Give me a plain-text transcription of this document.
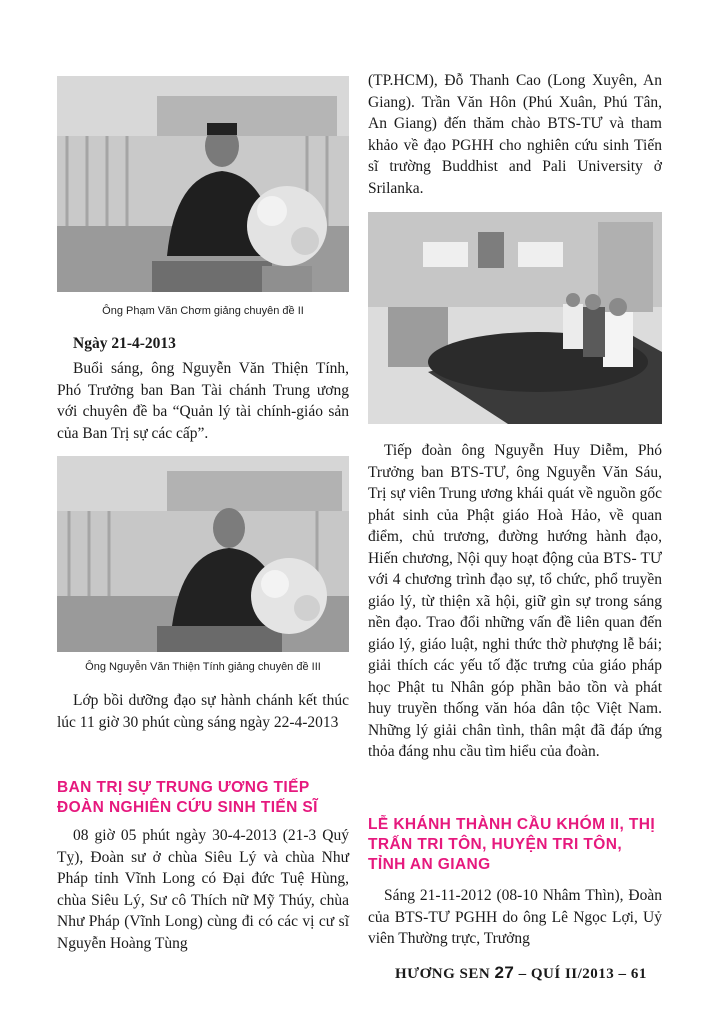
Ông Phạm Văn Chơm giảng chuyên đề II
Ngày 21-4-2013

Buổi sáng, ông Nguyễn Văn Thiện Tính, Phó Trưởng ban Ban Tài chánh Trung ương với chuyên đề ba “Quản lý tài chính-giáo sản của Ban Trị sự các cấp”.

Ông Nguyễn Văn Thiện Tính giảng chuyên đề III

Lớp bồi dưỡng đạo sự hành chánh kết thúc lúc 11 giờ 30 phút cùng sáng ngày 22-4-2013

BAN TRỊ SỰ TRUNG ƯƠNG TIẾP ĐOÀN NGHIÊN CỨU SINH TIẾN SĨ

08 giờ 05 phút ngày 30-4-2013 (21-3 Quý Tỵ), Đoàn sư ở chùa Siêu Lý và chùa Như Pháp tỉnh Vĩnh Long có Đại đức Tuệ Hùng, chùa Siêu Lý, Sư cô Thích nữ Mỹ Thúy, chùa Như Pháp (Vĩnh Long) cùng đi có các vị cư sĩ Nguyễn Hoàng Tùng

(TP.HCM), Đỗ Thanh Cao (Long Xuyên, An Giang). Trần Văn Hôn (Phú Xuân, Phú Tân, An Giang) đến thăm chào BTS-TƯ và tham khảo về đạo PGHH cho nghiên cứu sinh Tiến sĩ trường Buddhist and Pali University ở Srilanka.

Tiếp đoàn ông Nguyễn Huy Diễm, Phó Trưởng ban BTS-TƯ, ông Nguyễn Văn Sáu, Trị sự viên Trung ương khái quát về nguồn gốc phát sinh của Phật giáo Hoà Hảo, về quan điểm, chủ trương, đường hướng hành đạo, Hiến chương, Nội quy hoạt động của BTS- TƯ với 4 chương trình đạo sự, tổ chức, phổ truyền giáo lý, từ thiện xã hội, giữ gìn sự trong sáng nền đạo. Trao đổi những vấn đề liên quan đến giáo lý, giáo luật, nghi thức thờ phượng lễ bái; giải thích các yếu tố đặc trưng của giáo pháp học Phật tu Nhân góp phần bảo tồn và phát huy truyền thống văn hóa dân tộc Việt Nam. Những lý giải chân tình, thân mật đã đáp ứng thỏa đáng nhu cầu tìm hiểu của đoàn.

LỄ KHÁNH THÀNH CẦU KHÓM II, THỊ TRẤN TRI TÔN, HUYỆN TRI TÔN, TỈNH AN GIANG

Sáng 21-11-2012 (08-10 Nhâm Thìn), Đoàn của BTS-TƯ PGHH do ông Lê Ngọc Lợi, Uỷ viên Thường trực, Trưởng

HƯƠNG SEN 27 – QUÍ II/2013 – 61
